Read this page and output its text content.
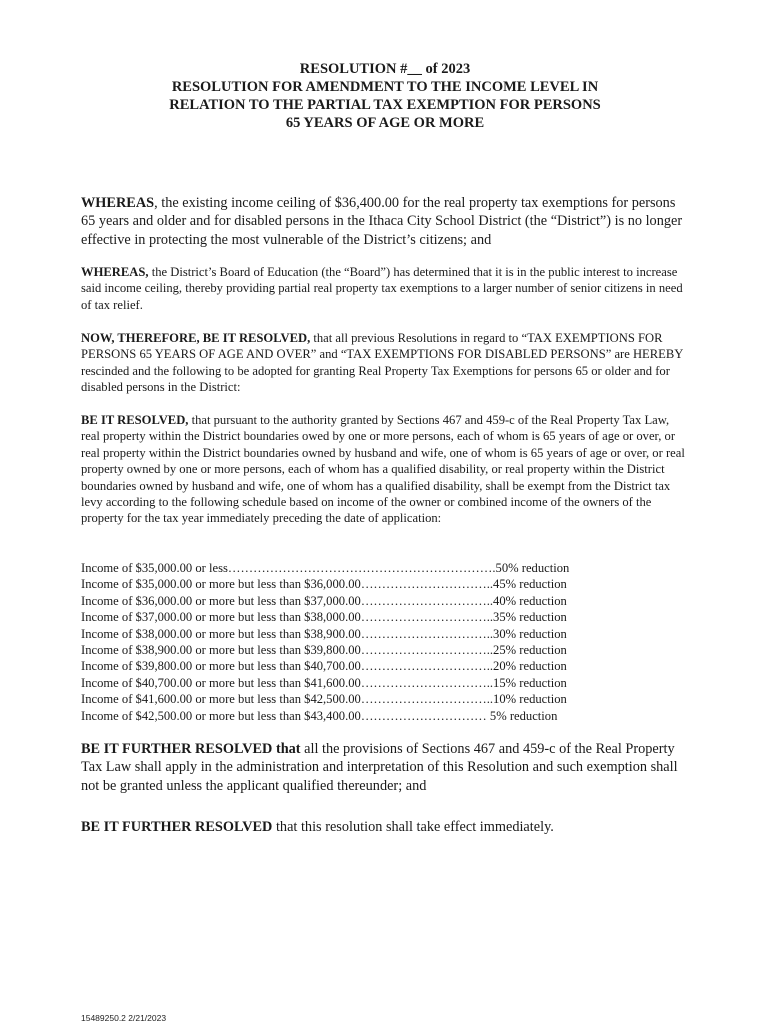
RESOLUTION #__ of 2023
RESOLUTION FOR AMENDMENT TO THE INCOME LEVEL IN
RELATION TO THE PARTIAL TAX EXEMPTION FOR PERSONS
65 YEARS OF AGE OR MORE

WHEREAS, the existing income ceiling of $36,400.00 for the real property tax exemptions for persons 65 years and older and for disabled persons in the Ithaca City School District (the “District”) is no longer effective in protecting the most vulnerable of the District’s citizens; and

WHEREAS, the District’s Board of Education (the “Board”) has determined that it is in the public interest to increase said income ceiling, thereby providing partial real property tax exemptions to a larger number of senior citizens in need of tax relief.

NOW, THEREFORE, BE IT RESOLVED, that all previous Resolutions in regard to “TAX EXEMPTIONS FOR PERSONS 65 YEARS OF AGE AND OVER” and “TAX EXEMPTIONS FOR DISABLED PERSONS” are HEREBY rescinded and the following to be adopted for granting Real Property Tax Exemptions for persons 65 or older and for disabled persons in the District:

BE IT RESOLVED, that pursuant to the authority granted by Sections 467 and 459-c of the Real Property Tax Law, real property within the District boundaries owed by one or more persons, each of whom is 65 years of age or over, or real property within the District boundaries owned by husband and wife, one of whom is 65 years of age or over, or real property owned by one or more persons, each of whom has a qualified disability, or real property within the District boundaries owned by husband and wife, one of whom has a qualified disability, shall be exempt from the District tax levy according to the following schedule based on income of the owner or combined income of the owners of the property for the tax year immediately preceding the date of application:

Income of $35,000.00 or less……………………………………………………….50% reduction
Income of $35,000.00 or more but less than $36,000.00…………………………..45% reduction
Income of $36,000.00 or more but less than $37,000.00…………………………..40% reduction
Income of $37,000.00 or more but less than $38,000.00…………………………..35% reduction
Income of $38,000.00 or more but less than $38,900.00…………………………..30% reduction
Income of $38,900.00 or more but less than $39,800.00…………………………..25% reduction
Income of $39,800.00 or more but less than $40,700.00…………………………..20% reduction
Income of $40,700.00 or more but less than $41,600.00…………………………..15% reduction
Income of $41,600.00 or more but less than $42,500.00…………………………..10% reduction
Income of $42,500.00 or more but less than $43,400.00………………………… 5% reduction

BE IT FURTHER RESOLVED that all the provisions of Sections 467 and 459-c of the Real Property Tax Law shall apply in the administration and interpretation of this Resolution and such exemption shall not be granted unless the applicant qualified thereunder; and

BE IT FURTHER RESOLVED that this resolution shall take effect immediately.

15489250.2 2/21/2023
